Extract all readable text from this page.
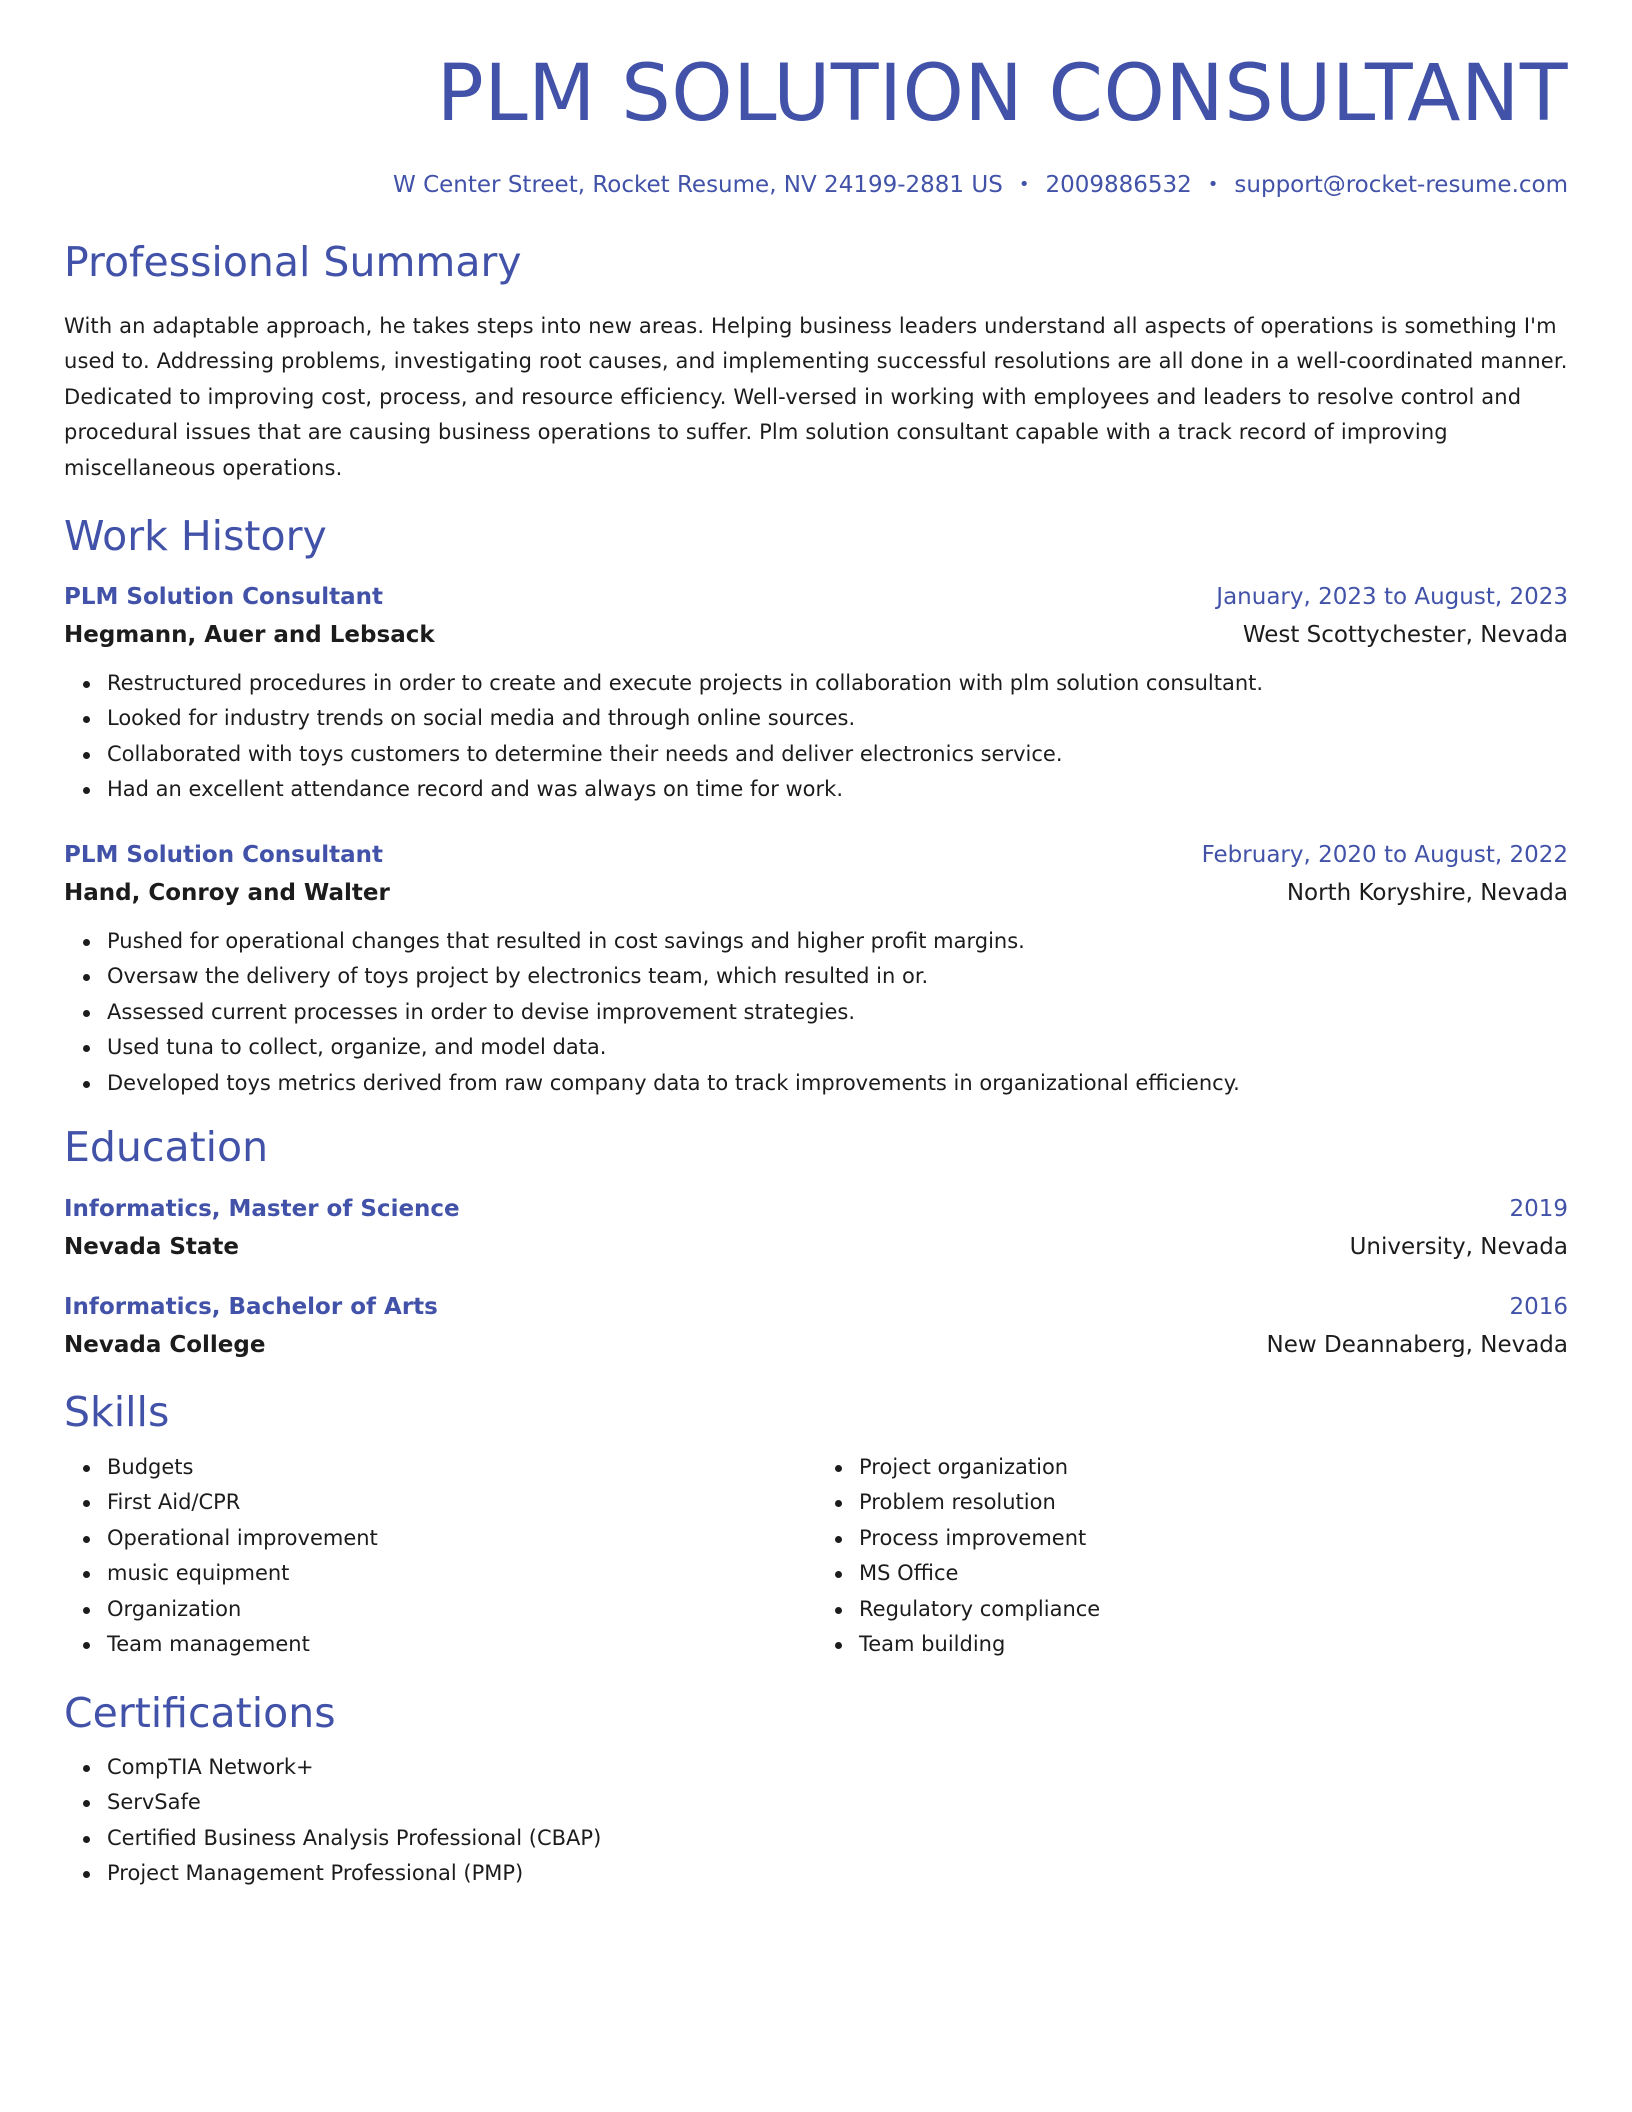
PLM SOLUTION CONSULTANT
W Center Street, Rocket Resume, NV 24199-2881 US • 2009886532 • support@rocket-resume.com
Professional Summary
With an adaptable approach, he takes steps into new areas. Helping business leaders understand all aspects of operations is something I'm used to. Addressing problems, investigating root causes, and implementing successful resolutions are all done in a well-coordinated manner. Dedicated to improving cost, process, and resource efficiency. Well-versed in working with employees and leaders to resolve control and procedural issues that are causing business operations to suffer. Plm solution consultant capable with a track record of improving miscellaneous operations.
Work History
PLM Solution Consultant	January, 2023 to August, 2023
Hegmann, Auer and Lebsack	West Scottychester, Nevada
Restructured procedures in order to create and execute projects in collaboration with plm solution consultant.
Looked for industry trends on social media and through online sources.
Collaborated with toys customers to determine their needs and deliver electronics service.
Had an excellent attendance record and was always on time for work.
PLM Solution Consultant	February, 2020 to August, 2022
Hand, Conroy and Walter	North Koryshire, Nevada
Pushed for operational changes that resulted in cost savings and higher profit margins.
Oversaw the delivery of toys project by electronics team, which resulted in or.
Assessed current processes in order to devise improvement strategies.
Used tuna to collect, organize, and model data.
Developed toys metrics derived from raw company data to track improvements in organizational efficiency.
Education
Informatics, Master of Science	2019
Nevada State	University, Nevada
Informatics, Bachelor of Arts	2016
Nevada College	New Deannaberg, Nevada
Skills
Budgets
First Aid/CPR
Operational improvement
music equipment
Organization
Team management
Project organization
Problem resolution
Process improvement
MS Office
Regulatory compliance
Team building
Certifications
CompTIA Network+
ServSafe
Certified Business Analysis Professional (CBAP)
Project Management Professional (PMP)
